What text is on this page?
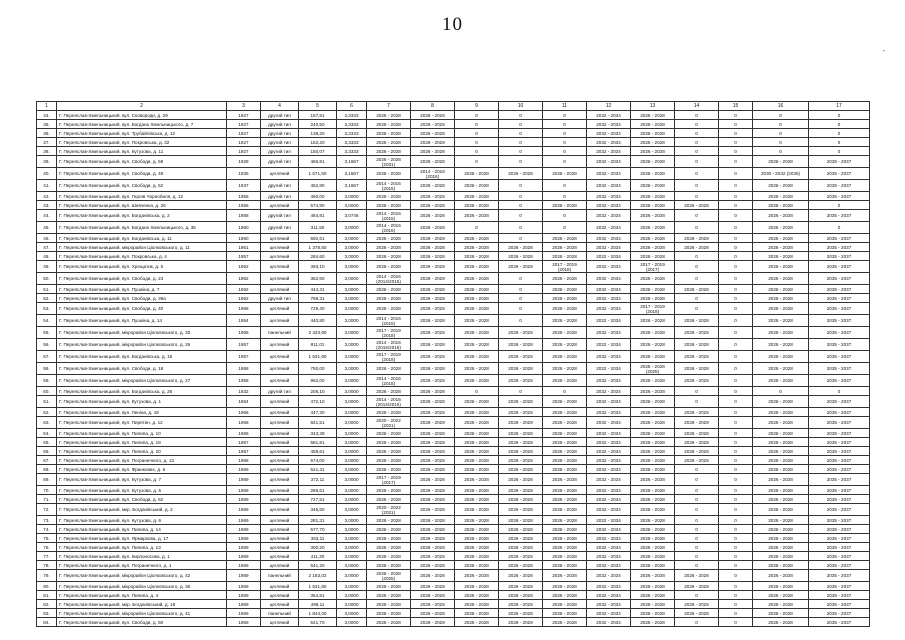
10
-
1	2	3	4	5	6	7	8	9	10	11	12	13	14	15	16	17
34.	Г. Переяслав-Хмельницький, вул. Сковороди, д. 29	1927	другий тип	167,81	3,3333	2026 - 2028	2026 - 2028	0	0	0	2032 - 2034	2026 - 2028	0	0	0	0
35.	Г. Переяслав-Хмельницький, вул. Богдана Хмельницького, д. 7	1927	другий тип	240,50	3,3333	2026 - 2028	2026 - 2028	0	0	0	2032 - 2034	2026 - 2028	0	0	0	0
36.	Г. Переяслав-Хмельницький, вул. Трубайлівська, д. 12	1927	другий тип	138,20	3,3333	2026 - 2028	2026 - 2028	0	0	0	2032 - 2034	2026 - 2028	0	0	0	0
37.	Г. Переяслав-Хмельницький, вул. Покровська, д. 32	1927	другий тип	152,20	3,3333	2026 - 2028	2026 - 2028	0	0	0	2032 - 2034	2026 - 2028	0	0	0	0
38.	Г. Переяслав-Хмельницький, вул. Кутузова, д. 11	1927	другий тип	150,07	3,3333	2026 - 2028	2026 - 2028	0	0	0	2032 - 2034	2026 - 2028	0	0	0	0
39.	Г. Переяслав-Хмельницький, вул. Свободи, д. 58	1928	другий тип	466,81	3,1667	2026 - 2028 (2031)	2026 - 2028	0	0	0	2032 - 2034	2026 - 2028	0	0	2026 - 2028	2035 - 2037
40.	Г. Переяслав-Хмельницький, вул. Свободи, д. 48	1935	цегляний	1 671,50	3,1667	2026 - 2028	2014 - 2016 (2016)	2026 - 2028	2026 - 2028	2026 - 2028	2032 - 2034	2026 - 2028	0	0	2030 - 2032 (2035)	2035 - 2037
41.	Г. Переяслав-Хмельницький, вул. Свободи, д. 52	1937	другий тип	452,80	3,1667	2014 - 2016 (2015)	2026 - 2028	2026 - 2028	0	0	2032 - 2034	2026 - 2028	0	0	2026 - 2028	2035 - 2037
42.	Г. Переяслав-Хмельницький, вул. Героїв Чорнобиля, д. 12	1955	другий тип	460,00	3,0000	2026 - 2028	2026 - 2028	2026 - 2028	0	0	2032 - 2034	2026 - 2028	0	0	2026 - 2028	2035 - 2037
43.	Г. Переяслав-Хмельницький, вул. Шевченка, д. 26	1956	цегляний	574,80	3,0000	2026 - 2028	2026 - 2028	2026 - 2028	0	2026 - 2028	2032 - 2034	2026 - 2028	2026 - 2028	0	2026 - 2028	0
44.	Г. Переяслав-Хмельницький, вул. Богданівська, д. 2	1958	другий тип	464,81	3,0746	2014 - 2016 (2015)	2026 - 2028	2026 - 2028	0	0	2032 - 2034	2026 - 2028	0	0	2026 - 2028	2035 - 2037
45.	Г. Переяслав-Хмельницький, вул. Богдана Хмельницького, д. 35	1960	другий тип	311,50	3,0000	2014 - 2016 (2016)	2026 - 2028	0	0	0	2032 - 2034	2026 - 2028	0	0	2026 - 2028	0
46.	Г. Переяслав-Хмельницький, вул. Богданівська, д. 11	1960	цегляний	592,61	3,0000	2026 - 2028	2026 - 2028	2026 - 2028	0	2026 - 2028	2032 - 2034	2026 - 2028	2026 - 2028	0	2026 - 2028	2035 - 2037
47.	Г. Переяслав-Хмельницький, мікрорайон Ціолковського, д. 11	1961	цегляний	1 378,50	3,0000	2026 - 2028	2026 - 2028	2026 - 2028	2026 - 2028	2026 - 2028	2032 - 2034	2026 - 2028	2026 - 2028	0	2026 - 2028	2035 - 2037
48.	Г. Переяслав-Хмельницький, вул. Покровська, д. 4	1957	цегляний	284,60	3,0000	2026 - 2028	2026 - 2028	2026 - 2028	2026 - 2028	2026 - 2028	2032 - 2034	2026 - 2028	0	0	2026 - 2028	2035 - 2037
49.	Г. Переяслав-Хмельницький, вул. Хрещатик, д. 5	1962	цегляний	393,10	3,0000	2026 - 2028	2026 - 2028	2026 - 2028	2026 - 2028	2017 - 2019 (2018)	2032 - 2034	2017 - 2019 (2017)	0	0	2026 - 2028	2035 - 2037
50.	Г. Переяслав-Хмельницький, вул. Свободи, д. 23	1962	цегляний	362,60	3,0000	2014 - 2016 (2014/2015)	2026 - 2028	2026 - 2028	0	2026 - 2028	2032 - 2034	2026 - 2028	0	0	2026 - 2028	2035 - 2037
51.	Г. Переяслав-Хмельницький, вул. Пушкіна, д. 7	1962	цегляний	444,31	3,0000	2026 - 2028	2026 - 2028	2026 - 2028	0	2026 - 2028	2032 - 2034	2026 - 2028	2026 - 2028	0	2026 - 2028	2035 - 2037
52.	Г. Переяслав-Хмельницький, вул. Свободи, д. 39а	1962	другий тип	799,31	3,0000	2026 - 2028	2026 - 2028	2026 - 2028	0	2026 - 2028	2032 - 2034	2026 - 2028	0	0	2026 - 2028	2035 - 2037
53.	Г. Переяслав-Хмельницький, вул. Свободи, д. 40	1968	цегляний	729,40	3,0000	2026 - 2028	2026 - 2028	2026 - 2028	0	2026 - 2028	2032 - 2034	2017 - 2019 (2018)	0	0	2026 - 2028	2035 - 2037
54.	Г. Переяслав-Хмельницький, вул. Пушкіна, д. 14	1954	цегляний	440,80	3,0000	2014 - 2016 (2015)	2026 - 2028	2026 - 2028	0	2026 - 2028	2032 - 2034	2026 - 2028	2026 - 2028	0	2026 - 2028	2035 - 2037
55.	Г. Переяслав-Хмельницький, мікрорайон Ціолковського, д. 33	1965	панельний	2 423,90	3,0000	2017 - 2019 (2018)	2026 - 2028	2026 - 2028	2026 - 2028	2026 - 2028	2032 - 2034	2026 - 2028	2026 - 2028	0	2026 - 2028	2035 - 2037
56.	Г. Переяслав-Хмельницький, мікрорайон Ціолковського, д. 26	1957	цегляний	811,01	3,0000	2014 - 2016 (2015/2016)	2026 - 2028	2026 - 2028	2026 - 2028	2026 - 2028	2032 - 2034	2026 - 2028	2026 - 2028	0	2026 - 2028	2035 - 2037
57.	Г. Переяслав-Хмельницький, вул. Богданівська, д. 16	1957	цегляний	1 631,90	3,0000	2017 - 2019 (2018)	2026 - 2028	2026 - 2028	2026 - 2028	2026 - 2028	2032 - 2034	2026 - 2028	2026 - 2028	0	2026 - 2028	2035 - 2037
58.	Г. Переяслав-Хмельницький, вул. Свободи, д. 18	1958	цегляний	750,00	3,0000	2026 - 2028	2026 - 2028	2026 - 2028	2026 - 2028	2026 - 2028	2032 - 2034	2026 - 2028 (2025)	2026 - 2028	0	2026 - 2028	2035 - 2037
59.	Г. Переяслав-Хмельницький, мікрорайон Ціолковського, д. 27	1958	цегляний	962,00	3,0000	2014 - 2016 (2015)	2026 - 2028	2026 - 2028	2026 - 2028	2026 - 2028	2032 - 2034	2026 - 2028	2026 - 2028	0	2026 - 2028	2035 - 2037
60.	Г. Переяслав-Хмельницький, вул. Богданівська, д. 26	1932	другий тип	206,10	3,0000	2026 - 2028	2026 - 2028	0	0	0	2032 - 2034	2026 - 2028	0	0	0	0
61.	Г. Переяслав-Хмельницький, вул. Кутузова, д. 1	1964	цегляний	472,10	3,0000	2014 - 2016 (2014/2015)	2026 - 2028	2026 - 2028	2026 - 2028	2026 - 2028	2032 - 2034	2026 - 2028	0	0	2026 - 2028	2035 - 2037
62.	Г. Переяслав-Хмельницький, вул. Леніна, д. 16	1966	цегляний	447,30	3,0000	2026 - 2028	2026 - 2028	2026 - 2028	2026 - 2028	2026 - 2028	2032 - 2034	2026 - 2028	2026 - 2028	0	2026 - 2028	2035 - 2037
63.	Г. Переяслав-Хмельницький, вул. Пирятин, д. 12	1966	цегляний	841,51	3,0000	2020 - 2022 (2021)	2026 - 2028	2026 - 2028	2026 - 2028	2026 - 2028	2032 - 2034	2026 - 2028	2026 - 2028	0	2026 - 2028	2035 - 2037
64.	Г. Переяслав-Хмельницький, вул. Пилипа, д. 10	1966	цегляний	343,39	3,0000	2026 - 2028	2026 - 2028	2026 - 2028	2026 - 2028	2026 - 2028	2032 - 2034	2026 - 2028	2026 - 2028	0	2026 - 2028	2035 - 2037
65.	Г. Переяслав-Хмельницький, вул. Пилипа, д. 18	1967	цегляний	581,81	3,0000	2026 - 2028	2026 - 2028	2026 - 2028	2026 - 2028	2026 - 2028	2032 - 2034	2026 - 2028	2026 - 2028	0	2026 - 2028	2035 - 2037
66.	Г. Переяслав-Хмельницький, вул. Пилипа, д. 20	1967	цегляний	458,61	3,0000	2026 - 2028	2026 - 2028	2026 - 2028	2026 - 2028	2026 - 2028	2032 - 2034	2026 - 2028	2026 - 2028	0	2026 - 2028	2035 - 2037
67.	Г. Переяслав-Хмельницький, вул. Пограничного, д. 13	1968	цегляний	574,00	3,0000	2026 - 2028	2026 - 2028	2026 - 2028	2026 - 2028	2026 - 2028	2032 - 2034	2026 - 2028	2026 - 2028	0	2026 - 2028	2035 - 2037
68.	Г. Переяслав-Хмельницький, вул. Франкових, д. 6	1969	цегляний	521,41	3,0000	2026 - 2028	2026 - 2028	2026 - 2028	2026 - 2028	2026 - 2028	2032 - 2034	2026 - 2028	0	0	2026 - 2028	2035 - 2037
69.	Г. Переяслав-Хмельницький, вул. Кутузова, д. 7	1969	цегляний	372,11	3,0000	2017 - 2019 (2017)	2026 - 2028	2026 - 2028	2026 - 2028	2026 - 2028	2032 - 2034	2026 - 2028	0	0	2026 - 2028	2035 - 2037
70.	Г. Переяслав-Хмельницький, вул. Кутузова, д. 5	1969	цегляний	286,61	3,0000	2026 - 2028	2026 - 2028	2026 - 2028	2026 - 2028	2026 - 2028	2032 - 2034	2026 - 2028	0	0	2026 - 2028	2035 - 2037
71.	Г. Переяслав-Хмельницький, вул. Свободи, д. 62	1969	цегляний	727,51	3,0000	2026 - 2028	2026 - 2028	2026 - 2028	2026 - 2028	2026 - 2028	2032 - 2034	2026 - 2028	0	0	2026 - 2028	2035 - 2037
72.	Г. Переяслав-Хмельницький, мкр. Богданівський, д. 2	1969	цегляний	345,60	3,0000	2020 - 2022 (2021)	2026 - 2028	2026 - 2028	2026 - 2028	2026 - 2028	2032 - 2034	2026 - 2028	0	0	2026 - 2028	2035 - 2037
73.	Г. Переяслав-Хмельницький, вул. Кутузова, д. 6	1969	цегляний	281,31	3,0000	2026 - 2028	2026 - 2028	2026 - 2028	2026 - 2028	2026 - 2028	2032 - 2034	2026 - 2028	0	0	2026 - 2028	2035 - 2037
74.	Г. Переяслав-Хмельницький, вул. Пилипа, д. 14	1969	цегляний	577,70	3,0000	2026 - 2028	2026 - 2028	2026 - 2028	2026 - 2028	2026 - 2028	2032 - 2034	2026 - 2028	0	0	2026 - 2028	2035 - 2037
75.	Г. Переяслав-Хмельницький, вул. Ярмаркова, д. 17	1969	цегляний	363,11	3,0000	2026 - 2028	2026 - 2028	2026 - 2028	2026 - 2028	2026 - 2028	2032 - 2034	2026 - 2028	0	0	2026 - 2028	2035 - 2037
76.	Г. Переяслав-Хмельницький, вул. Пилипа, д. 13	1969	цегляний	300,20	3,0000	2026 - 2028	2026 - 2028	2026 - 2028	2026 - 2028	2026 - 2028	2032 - 2034	2026 - 2028	0	0	2026 - 2028	2035 - 2037
77.	Г. Переяслав-Хмельницький, вул. Кирпоносова, д. 1	1969	цегляний	411,20	3,0000	2026 - 2028	2026 - 2028	2026 - 2028	2026 - 2028	2026 - 2028	2032 - 2034	2026 - 2028	0	0	2026 - 2028	2035 - 2037
78.	Г. Переяслав-Хмельницький, вул. Пограничного, д. 1	1969	цегляний	541,20	3,0000	2026 - 2028	2026 - 2028	2026 - 2028	2026 - 2028	2026 - 2028	2032 - 2034	2026 - 2028	0	0	2026 - 2028	2035 - 2037
79.	Г. Переяслав-Хмельницький, мікрорайон Ціолковського, д. 42	1969	панельний	2 183,02	3,0000	2026 - 2028 (2025)	2026 - 2028	2026 - 2028	2026 - 2028	2026 - 2028	2032 - 2034	2026 - 2028	2026 - 2028	0	2026 - 2028	2035 - 2037
80.	Г. Переяслав-Хмельницький, мікрорайон Ціолковського, д. 36	1969	цегляний	1 631,80	3,0000	2026 - 2028	2026 - 2028	2026 - 2028	2026 - 2028	2026 - 2028	2032 - 2034	2026 - 2028	2026 - 2028	0	2026 - 2028	2035 - 2037
81.	Г. Переяслав-Хмельницький, вул. Пилипа, д. 4	1969	цегляний	354,81	3,0000	2026 - 2028	2026 - 2028	2026 - 2028	2026 - 2028	2026 - 2028	2032 - 2034	2026 - 2028	0	0	2026 - 2028	2035 - 2037
82.	Г. Переяслав-Хмельницький, мкр. Богданівський, д. 18	1969	цегляний	498,11	3,0000	2026 - 2028	2026 - 2028	2026 - 2028	2026 - 2028	2026 - 2028	2032 - 2034	2026 - 2028	2026 - 2028	0	2026 - 2028	2035 - 2037
83.	Г. Переяслав-Хмельницький, мікрорайон Ціолковського, д. 41	1969	панельний	1 844,00	3,0000	2026 - 2028	2026 - 2028	2026 - 2028	2026 - 2028	2026 - 2028	2032 - 2034	2026 - 2028	2026 - 2028	0	2026 - 2028	2035 - 2037
84.	Г. Переяслав-Хмельницький, вул. Свободи, д. 50	1969	цегляний	541,70	3,0000	2026 - 2028	2026 - 2028	2026 - 2028	2026 - 2028	2026 - 2028	2032 - 2034	2026 - 2028	0	0	2026 - 2028	2035 - 2037
